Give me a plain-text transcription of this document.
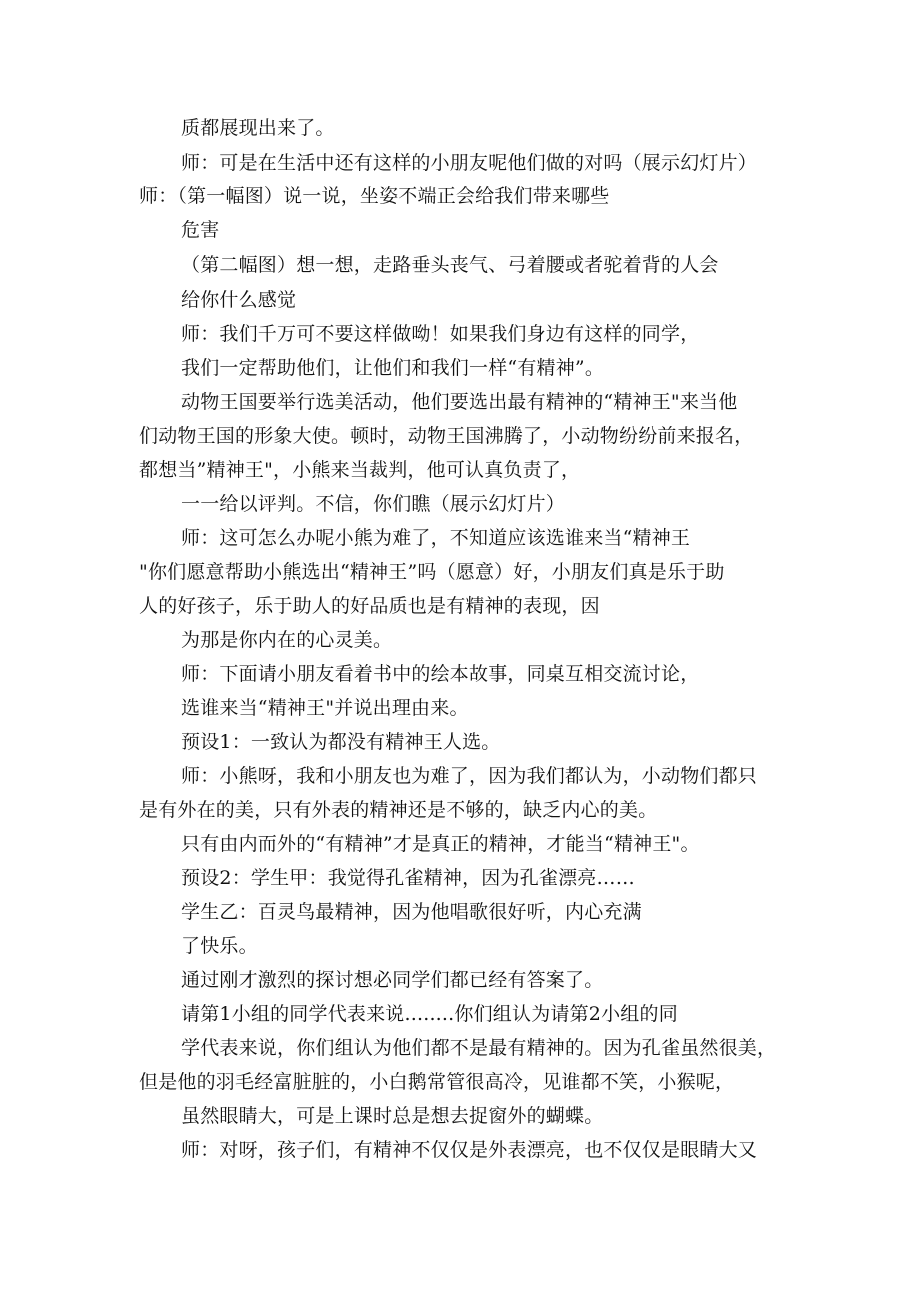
质都展现出来了。
师：可是在生活中还有这样的小朋友呢他们做的对吗（展示幻灯片）
师：（第一幅图）说一说，坐姿不端正会给我们带来哪些
危害
（第二幅图）想一想，走路垂头丧气、弓着腰或者驼着背的人会
给你什么感觉
师：我们千万可不要这样做呦！如果我们身边有这样的同学，
我们一定帮助他们，让他们和我们一样“有精神”。
动物王国要举行选美活动，他们要选出最有精神的“精神王"来当他
们动物王国的形象大使。顿时，动物王国沸腾了，小动物纷纷前来报名，
都想当”精神王"，小熊来当裁判，他可认真负责了，
一一给以评判。不信，你们瞧（展示幻灯片）
师：这可怎么办呢小熊为难了，不知道应该选谁来当“精神王
"你们愿意帮助小熊选出“精神王”吗（愿意）好，小朋友们真是乐于助
人的好孩子，乐于助人的好品质也是有精神的表现，因
为那是你内在的心灵美。
师：下面请小朋友看着书中的绘本故事，同桌互相交流讨论，
选谁来当“精神王"并说出理由来。
预设1：一致认为都没有精神王人选。
师：小熊呀，我和小朋友也为难了，因为我们都认为，小动物们都只
是有外在的美，只有外表的精神还是不够的，缺乏内心的美。
只有由内而外的“有精神”才是真正的精神，才能当“精神王"。
预设2：学生甲：我觉得孔雀精神，因为孔雀漂亮……
学生乙：百灵鸟最精神，因为他唱歌很好听，内心充满
了快乐。
通过刚才激烈的探讨想必同学们都已经有答案了。
请第1小组的同学代表来说........你们组认为请第2小组的同
学代表来说，你们组认为他们都不是最有精神的。因为孔雀虽然很美，
但是他的羽毛经富脏脏的，小白鹅常管很高冷，见谁都不笑，小猴呢，
虽然眼睛大，可是上课时总是想去捉窗外的蝴蝶。
师：对呀，孩子们，有精神不仅仅是外表漂亮，也不仅仅是眼睛大又
